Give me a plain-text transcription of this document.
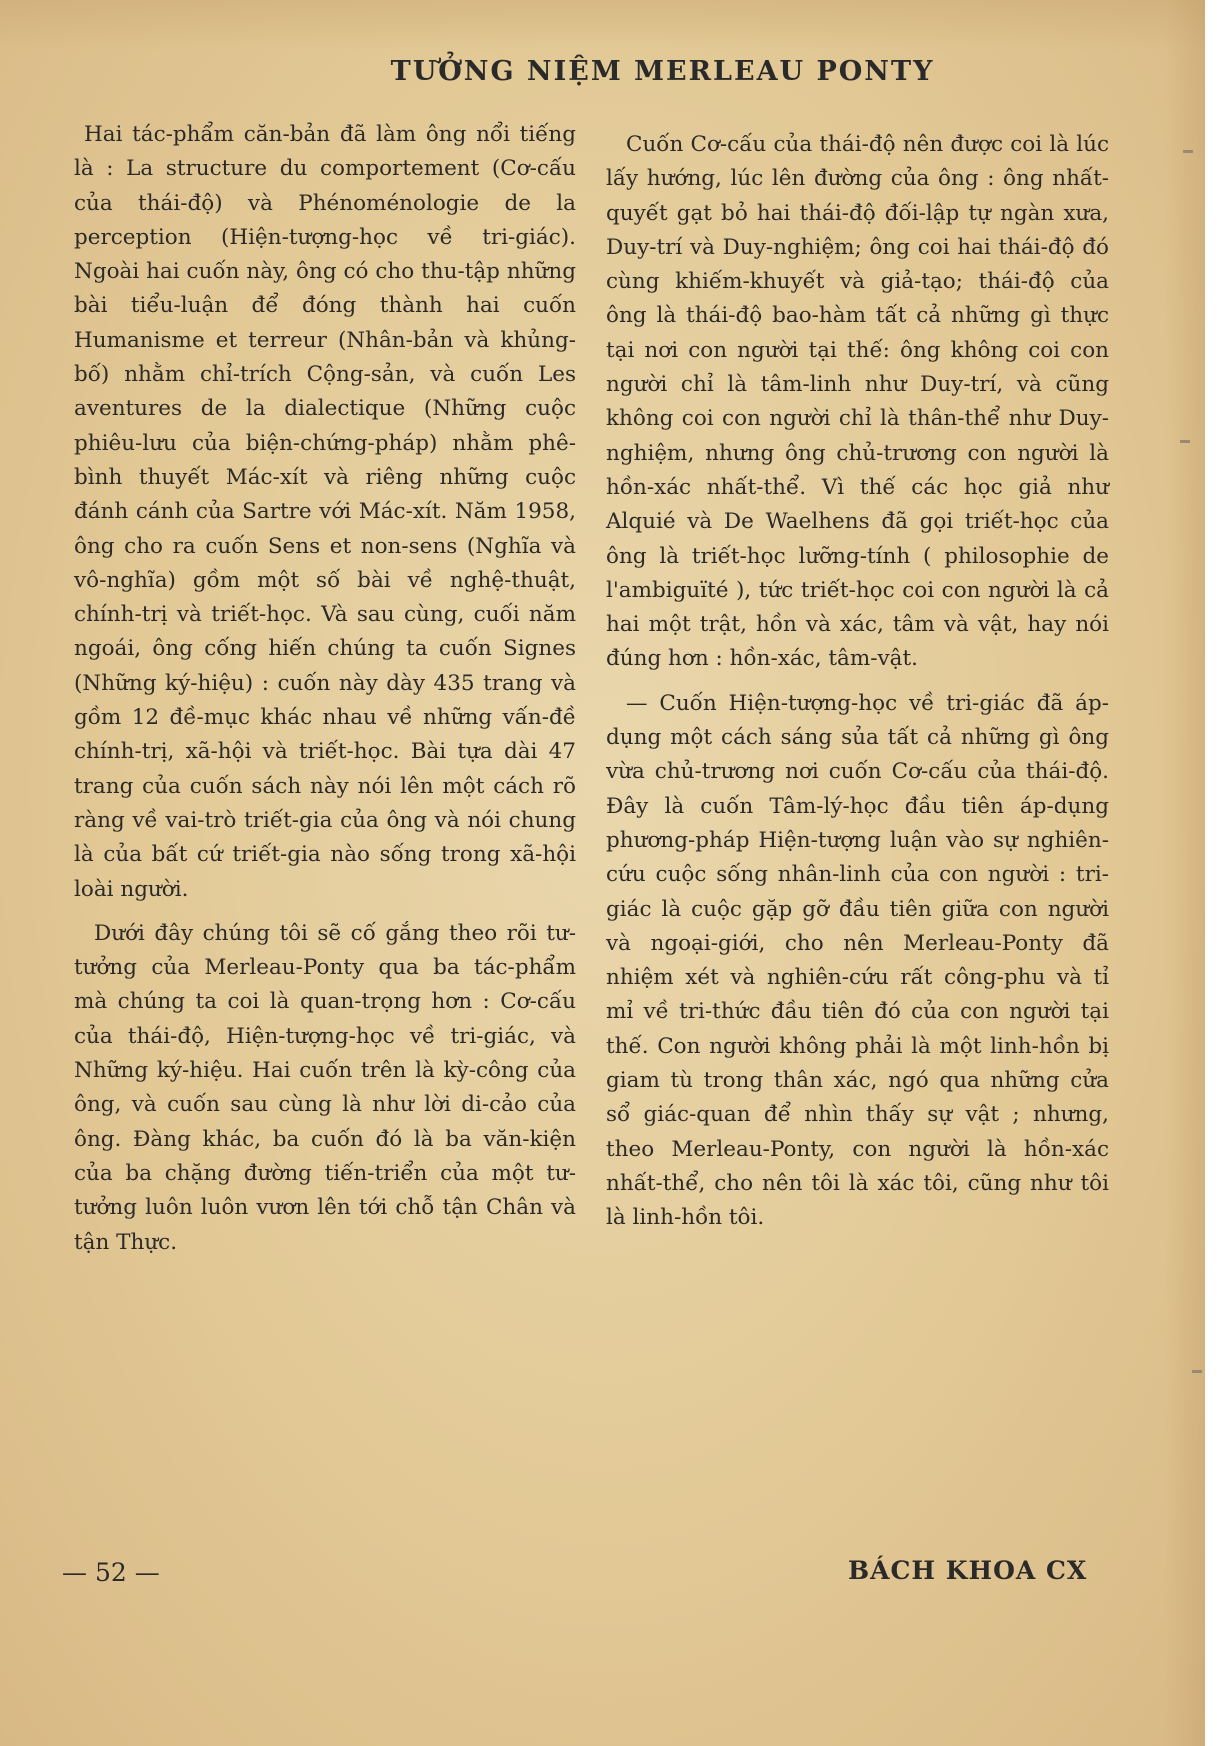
TƯỞNG NIỆM MERLEAU PONTY

Hai tác-phẩm căn-bản đã làm ông nổi tiếng là : La structure du comportement (Cơ-cấu của thái-độ) và Phénoménologie de la perception (Hiện-tượng-học về tri-giác). Ngoài hai cuốn này, ông có cho thu-tập những bài tiểu-luận để đóng thành hai cuốn Humanisme et terreur (Nhân-bản và khủng-bố) nhằm chỉ-trích Cộng-sản, và cuốn Les aventures de la dialectique (Những cuộc phiêu-lưu của biện-chứng-pháp) nhằm phê-bình thuyết Mác-xít và riêng những cuộc đánh cánh của Sartre với Mác-xít. Năm 1958, ông cho ra cuốn Sens et non-sens (Nghĩa và vô-nghĩa) gồm một số bài về nghệ-thuật, chính-trị và triết-học. Và sau cùng, cuối năm ngoái, ông cống hiến chúng ta cuốn Signes (Những ký-hiệu) : cuốn này dày 435 trang và gồm 12 đề-mục khác nhau về những vấn-đề chính-trị, xã-hội và triết-học. Bài tựa dài 47 trang của cuốn sách này nói lên một cách rõ ràng về vai-trò triết-gia của ông và nói chung là của bất cứ triết-gia nào sống trong xã-hội loài người.

Dưới đây chúng tôi sẽ cố gắng theo rõi tư-tưởng của Merleau-Ponty qua ba tác-phẩm mà chúng ta coi là quan-trọng hơn : Cơ-cấu của thái-độ, Hiện-tượng-học về tri-giác, và Những ký-hiệu. Hai cuốn trên là kỳ-công của ông, và cuốn sau cùng là như lời di-cảo của ông. Đàng khác, ba cuốn đó là ba văn-kiện của ba chặng đường tiến-triển của một tư-tưởng luôn luôn vươn lên tới chỗ tận Chân và tận Thực.

Cuốn Cơ-cấu của thái-độ nên được coi là lúc lấy hướng, lúc lên đường của ông : ông nhất-quyết gạt bỏ hai thái-độ đối-lập tự ngàn xưa, Duy-trí và Duy-nghiệm; ông coi hai thái-độ đó cùng khiếm-khuyết và giả-tạo; thái-độ của ông là thái-độ bao-hàm tất cả những gì thực tại nơi con người tại thế: ông không coi con người chỉ là tâm-linh như Duy-trí, và cũng không coi con người chỉ là thân-thể như Duy-nghiệm, nhưng ông chủ-trương con người là hồn-xác nhất-thể. Vì thế các học giả như Alquié và De Waelhens đã gọi triết-học của ông là triết-học lưỡng-tính ( philosophie de l'ambiguïté ), tức triết-học coi con người là cả hai một trật, hồn và xác, tâm và vật, hay nói đúng hơn : hồn-xác, tâm-vật.

— Cuốn Hiện-tượng-học về tri-giác đã áp-dụng một cách sáng sủa tất cả những gì ông vừa chủ-trương nơi cuốn Cơ-cấu của thái-độ. Đây là cuốn Tâm-lý-học đầu tiên áp-dụng phương-pháp Hiện-tượng luận vào sự nghiên-cứu cuộc sống nhân-linh của con người : tri-giác là cuộc gặp gỡ đầu tiên giữa con người và ngoại-giới, cho nên Merleau-Ponty đã nhiệm xét và nghiên-cứu rất công-phu và tỉ mỉ về tri-thức đầu tiên đó của con người tại thế. Con người không phải là một linh-hồn bị giam tù trong thân xác, ngó qua những cửa sổ giác-quan để nhìn thấy sự vật ; nhưng, theo Merleau-Ponty, con người là hồn-xác nhất-thể, cho nên tôi là xác tôi, cũng như tôi là linh-hồn tôi.

— 52 —	BÁCH KHOA CX
